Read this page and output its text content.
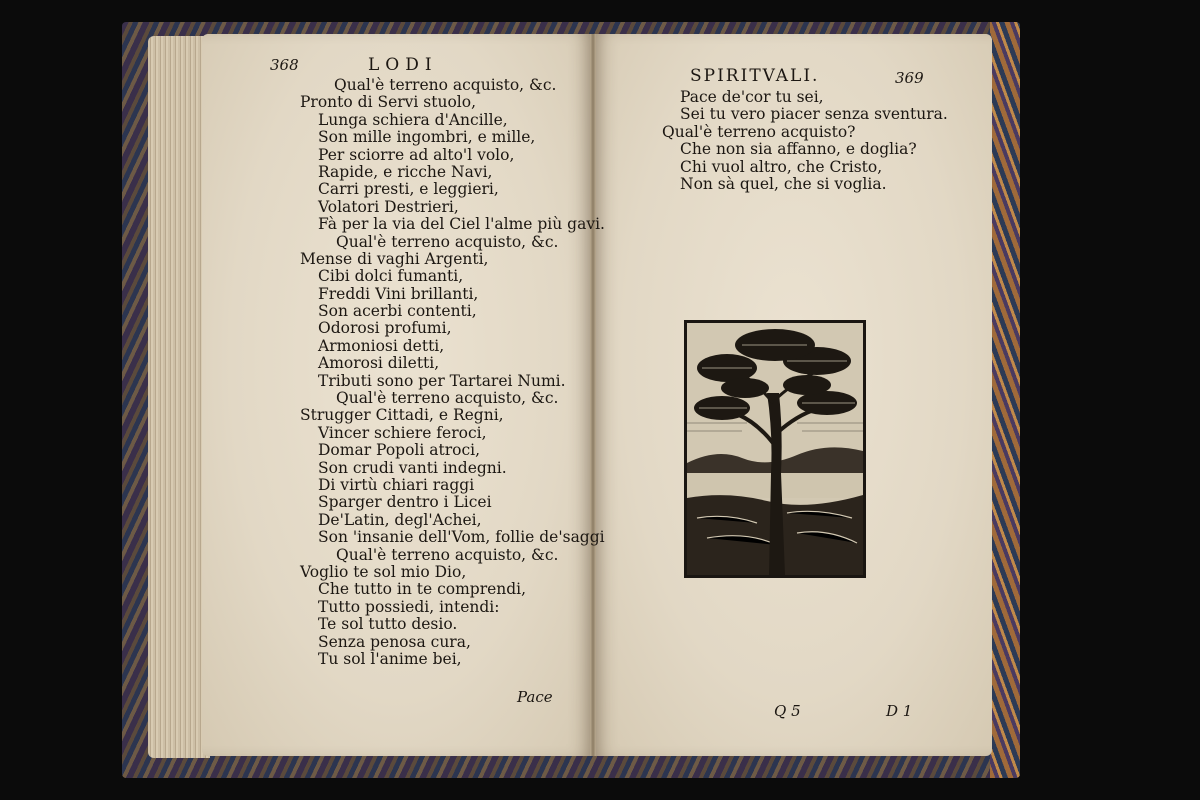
368	LODI
Qual'è terreno acquisto, &c.
Pronto di Servi stuolo,
Lunga schiera d'Ancille,
Son mille ingombri, e mille,
Per sciorre ad alto'l volo,
Rapide, e ricche Navi,
Carri presti, e leggieri,
Volatori Destrieri,
Fà per la via del Ciel l'alme più gavi.
Qual'è terreno acquisto, &c.
Mense di vaghi Argenti,
Cibi dolci fumanti,
Freddi Vini brillanti,
Son acerbi contenti,
Odorosi profumi,
Armoniosi detti,
Amorosi diletti,
Tributi sono per Tartarei Numi.
Qual'è terreno acquisto, &c.
Strugger Cittadi, e Regni,
Vincer schiere feroci,
Domar Popoli atroci,
Son crudi vanti indegni.
Di virtù chiari raggi
Sparger dentro i Licei
De'Latin, degl'Achei,
Son 'insanie dell'Vom, follie de'saggi
Qual'è terreno acquisto, &c.
Voglio te sol mio Dio,
Che tutto in te comprendi,
Tutto possiedi, intendi:
Te sol tutto desio.
Senza penosa cura,
Tu sol l'anime bei,
Pace
SPIRITVALI.	369
Pace de'cor tu sei,
Sei tu vero piacer senza sventura.
Qual'è terreno acquisto?
Che non sia affanno, e doglia?
Chi vuol altro, che Cristo,
Non sà quel, che si voglia.
Q 5	D 1
